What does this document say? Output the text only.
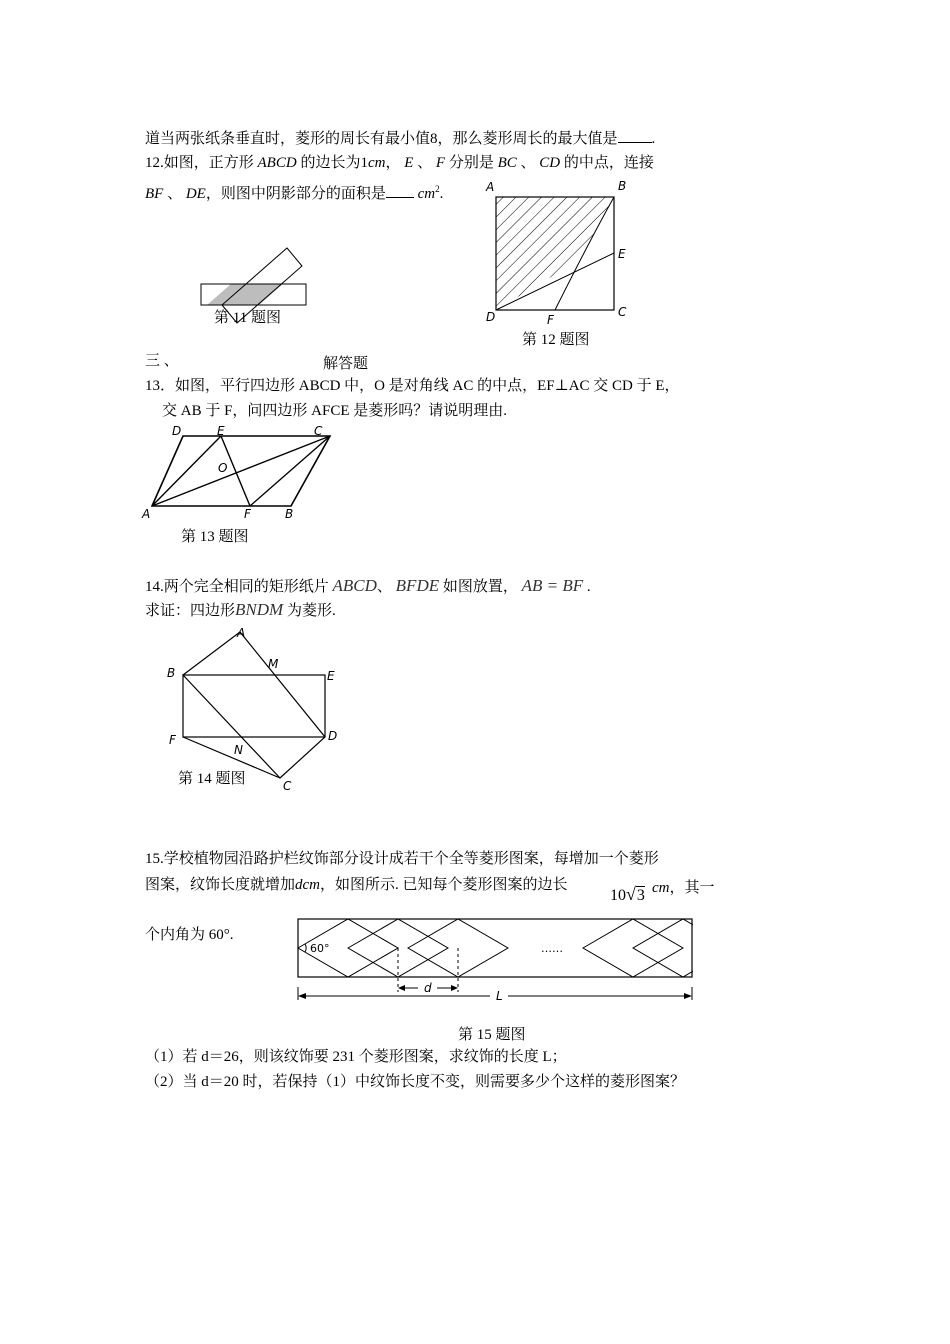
道当两张纸条垂直时，菱形的周长有最小值8，那么菱形周长的最大值是 .
12.如图，正方形 ABCD 的边长为1cm， E 、 F 分别是 BC 、 CD 的中点，连接
BF 、 DE，则图中阴影部分的面积是 $cm^2$.
第 11 题图
A	B
C
D
E
F
第 12 题图
三 、	解答题
13．如图，平行四边形 ABCD 中，O 是对角线 AC 的中点，EF⊥AC 交 CD 于 E，
交 AB 于 F，问四边形 AFCE 是菱形吗？请说明理由.
A	B
C
D	E
F
O
第 13 题图
14.两个完全相同的矩形纸片 ABCD、 BFDE 如图放置， AB = BF .
求证：四边形BNDM 为菱形.
A
B
C
D
E
F
M
N
第 14 题图
15.学校植物园沿路护栏纹饰部分设计成若干个全等菱形图案，每增加一个菱形
图案，纹饰长度就增加dcm，如图所示. 已知每个菱形图案的边长
10√3 cm，其一
个内角为 60°.
60°	……
d
L
第 15 题图
（1）若 d＝26，则该纹饰要 231 个菱形图案，求纹饰的长度 L；
（2）当 d＝20 时，若保持（1）中纹饰长度不变，则需要多少个这样的菱形图案？
